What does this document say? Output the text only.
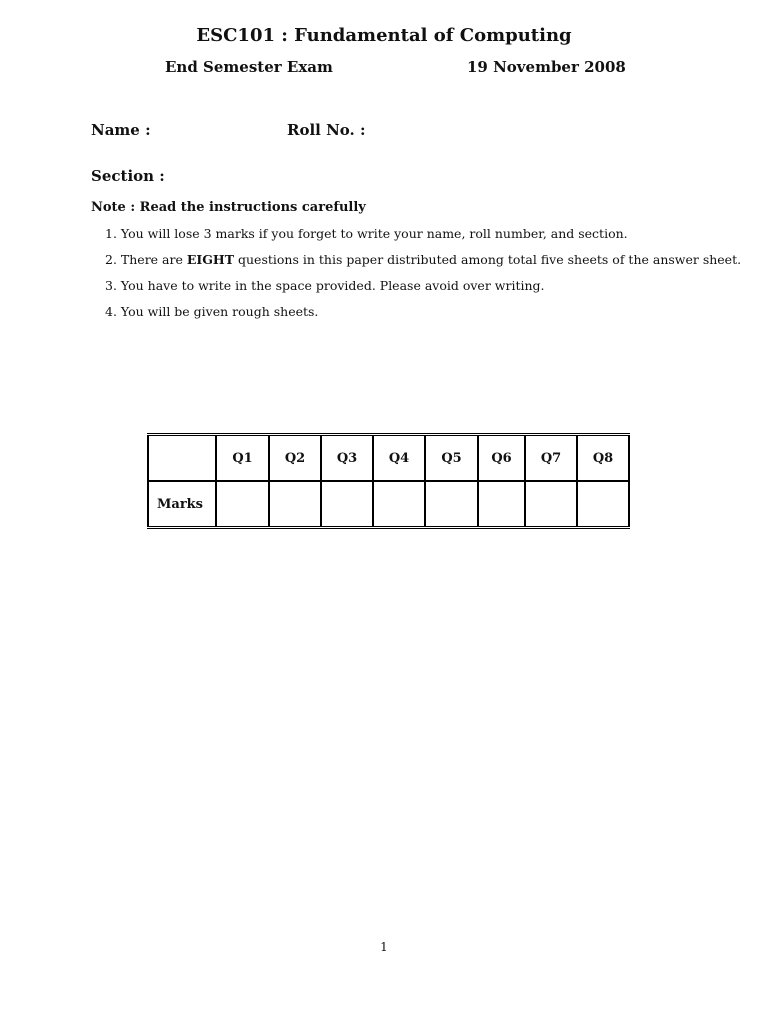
ESC101 : Fundamental of Computing
End Semester Exam	19 November 2008
Name :	Roll No. :
Section :
Note : Read the instructions carefully
1. You will lose 3 marks if you forget to write your name, roll number, and section.
2. There are EIGHT questions in this paper distributed among total five sheets of the answer sheet.
3. You have to write in the space provided. Please avoid over writing.
4. You will be given rough sheets.
	Q1	Q2	Q3	Q4	Q5	Q6	Q7	Q8
Marks								
1
